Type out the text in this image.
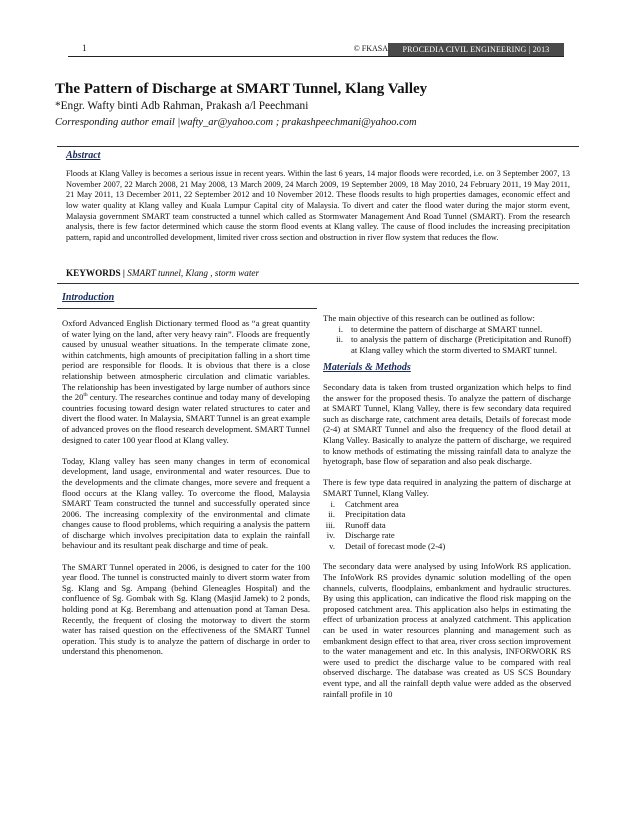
1	© FKASA	PROCEDIA CIVIL ENGINEERING | 2013
The Pattern of Discharge at SMART Tunnel, Klang Valley
*Engr. Wafty binti Adb Rahman, Prakash a/l Peechmani
Corresponding author email |wafty_ar@yahoo.com ; prakashpeechmani@yahoo.com
Abstract
Floods at Klang Valley is becomes a serious issue in recent years. Within the last 6 years, 14 major floods were recorded, i.e. on 3 September 2007, 13 November 2007, 22 March 2008, 21 May 2008, 13 March 2009, 24 March 2009, 19 September 2009, 18 May 2010, 24 February 2011, 19 May 2011, 21 May 2011, 13 December 2011, 22 September 2012 and 10 November 2012. These floods results to high properties damages, economic effect and low water quality at Klang valley and Kuala Lumpur Capital city of Malaysia. To divert and cater the flood water during the major storm event, Malaysia government SMART team constructed a tunnel which called as Stormwater Management And Road Tunnel (SMART). From the research analysis, there is few factor determined which cause the storm flood events at Klang valley. The cause of flood includes the increasing precipitation pattern, rapid and uncontrolled development, limited river cross section and obstruction in river flow system that reduces the flow.
KEYWORDS | SMART tunnel, Klang , storm water
Introduction

Oxford Advanced English Dictionary termed flood as “a great quantity of water lying on the land, after very heavy rain”. Floods are frequently caused by unusual weather situations. In the temperate climate zone, within catchments, high amounts of precipitation falling in a short time period are responsible for floods. It is obvious that there is a close relationship between atmospheric circulation and climatic variables. The relationship has been investigated by large number of authors since the 20th century. The researches continue and today many of developing countries focusing toward design water related structures to cater and divert the flood water. In Malaysia, SMART Tunnel is an great example of advanced proves on the flood research development. SMART Tunnel designed to cater 100 year flood at Klang valley.

Today, Klang valley has seen many changes in term of economical development, land usage, environmental and water resources. Due to the developments and the climate changes, more severe and frequent a flood occurs at the Klang valley. To overcome the flood, Malaysia SMART Team constructed the tunnel and successfully operated since 2006. The increasing complexity of the environmental and climate changes cause to flood problems, which requiring a analysis the pattern of discharge which involves precipitation data to explain the rainfall behaviour and its resultant peak discharge and time of peak.

The SMART Tunnel operated in 2006, is designed to cater for the 100 year flood. The tunnel is constructed mainly to divert storm water from Sg. Klang and Sg. Ampang (behind Gleneagles Hospital) and the confluence of Sg. Gombak with Sg. Klang (Masjid Jamek) to 2 ponds, holding pond at Kg. Berembang and attenuation pond at Taman Desa. Recently, the frequent of closing the motorway to divert the storm water has raised question on the effectiveness of the SMART Tunnel operation. This study is to analyze the pattern of discharge in order to understand this phenomenon.

The main objective of this research can be outlined as follow:
i. to determine the pattern of discharge at SMART tunnel.
ii. to analysis the pattern of discharge (Preticipitation and Runoff) at Klang valley which the storm diverted to SMART tunnel.
Materials & Methods

Secondary data is taken from trusted organization which helps to find the answer for the proposed thesis. To analyze the pattern of discharge at SMART Tunnel, Klang Valley, there is few secondary data required such as discharge rate, catchment area details, Details of forecast mode (2-4) at SMART Tunnel and also the frequency of the flood detail at Klang Valley. Basically to analyze the pattern of discharge, we required to know methods of estimating the missing rainfall data to analyze the hyetograph, base flow of separation and also peak discharge.

There is few type data required in analyzing the pattern of discharge at SMART Tunnel, Klang Valley.
i.	Catchment area
ii.	Precipitation data
iii.	Runoff data
iv.	Discharge rate
v.	Detail of forecast mode (2-4)

The secondary data were analysed by using InfoWork RS application. The InfoWork RS provides dynamic solution modelling of the open channels, culverts, floodplains, embankment and hydraulic structures. By using this application, can indicative the flood risk mapping on the proposed catchment area. This application also helps in estimating the effect of urbanization process at analyzed catchment. This application can be used in water resources planning and management such as embankment design effect to that area, river cross section improvement to the water management and etc. In this analysis, INFORWORK RS were used to predict the discharge value to be compared with real observed discharge. The database was created as US SCS Boundary event type, and all the rainfall depth value were added as the observed rainfall profile in 10
